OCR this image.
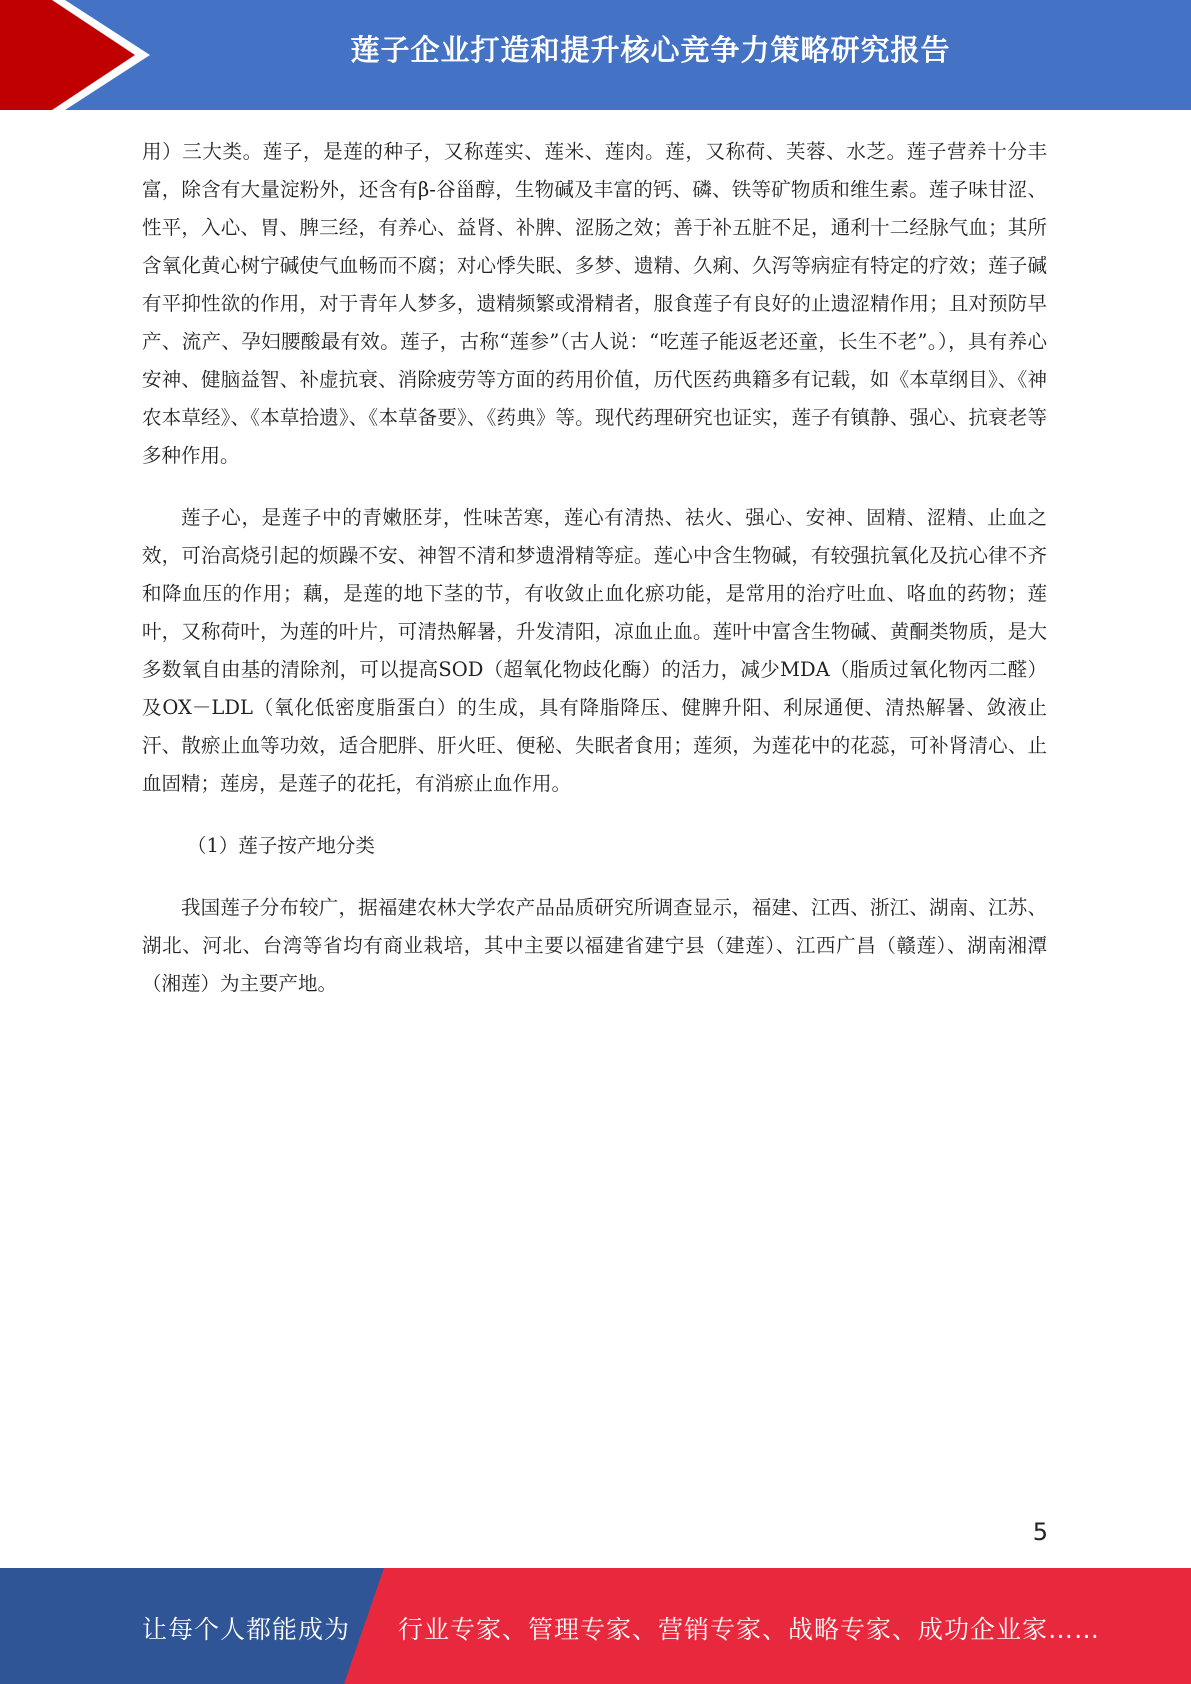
莲子企业打造和提升核心竞争力策略研究报告

用）三大类。莲子，是莲的种子，又称莲实、莲米、莲肉。莲，又称荷、芙蓉、水芝。莲子营养十分丰富，除含有大量淀粉外，还含有β-谷甾醇，生物碱及丰富的钙、磷、铁等矿物质和维生素。莲子味甘涩、性平，入心、胃、脾三经，有养心、益肾、补脾、涩肠之效；善于补五脏不足，通利十二经脉气血；其所含氧化黄心树宁碱使气血畅而不腐；对心悸失眠、多梦、遗精、久痢、久泻等病症有特定的疗效；莲子碱有平抑性欲的作用，对于青年人梦多，遗精频繁或滑精者，服食莲子有良好的止遗涩精作用；且对预防早产、流产、孕妇腰酸最有效。莲子，古称“莲参”（古人说：“吃莲子能返老还童，长生不老”。），具有养心安神、健脑益智、补虚抗衰、消除疲劳等方面的药用价值，历代医药典籍多有记载，如《本草纲目》、《神农本草经》、《本草拾遗》、《本草备要》、《药典》等。现代药理研究也证实，莲子有镇静、强心、抗衰老等多种作用。

莲子心，是莲子中的青嫩胚芽，性味苦寒，莲心有清热、祛火、强心、安神、固精、涩精、止血之效，可治高烧引起的烦躁不安、神智不清和梦遗滑精等症。莲心中含生物碱，有较强抗氧化及抗心律不齐和降血压的作用；藕，是莲的地下茎的节，有收敛止血化瘀功能，是常用的治疗吐血、咯血的药物；莲叶，又称荷叶，为莲的叶片，可清热解暑，升发清阳，凉血止血。莲叶中富含生物碱、黄酮类物质，是大多数氧自由基的清除剂，可以提高SOD（超氧化物歧化酶）的活力，减少MDA（脂质过氧化物丙二醛）及OX－LDL（氧化低密度脂蛋白）的生成，具有降脂降压、健脾升阳、利尿通便、清热解暑、敛液止汗、散瘀止血等功效，适合肥胖、肝火旺、便秘、失眠者食用；莲须，为莲花中的花蕊，可补肾清心、止血固精；莲房，是莲子的花托，有消瘀止血作用。

（1）莲子按产地分类

我国莲子分布较广，据福建农林大学农产品品质研究所调查显示，福建、江西、浙江、湖南、江苏、湖北、河北、台湾等省均有商业栽培，其中主要以福建省建宁县（建莲）、江西广昌（赣莲）、湖南湘潭（湘莲）为主要产地。

5
让每个人都能成为 行业专家、管理专家、营销专家、战略专家、成功企业家……
